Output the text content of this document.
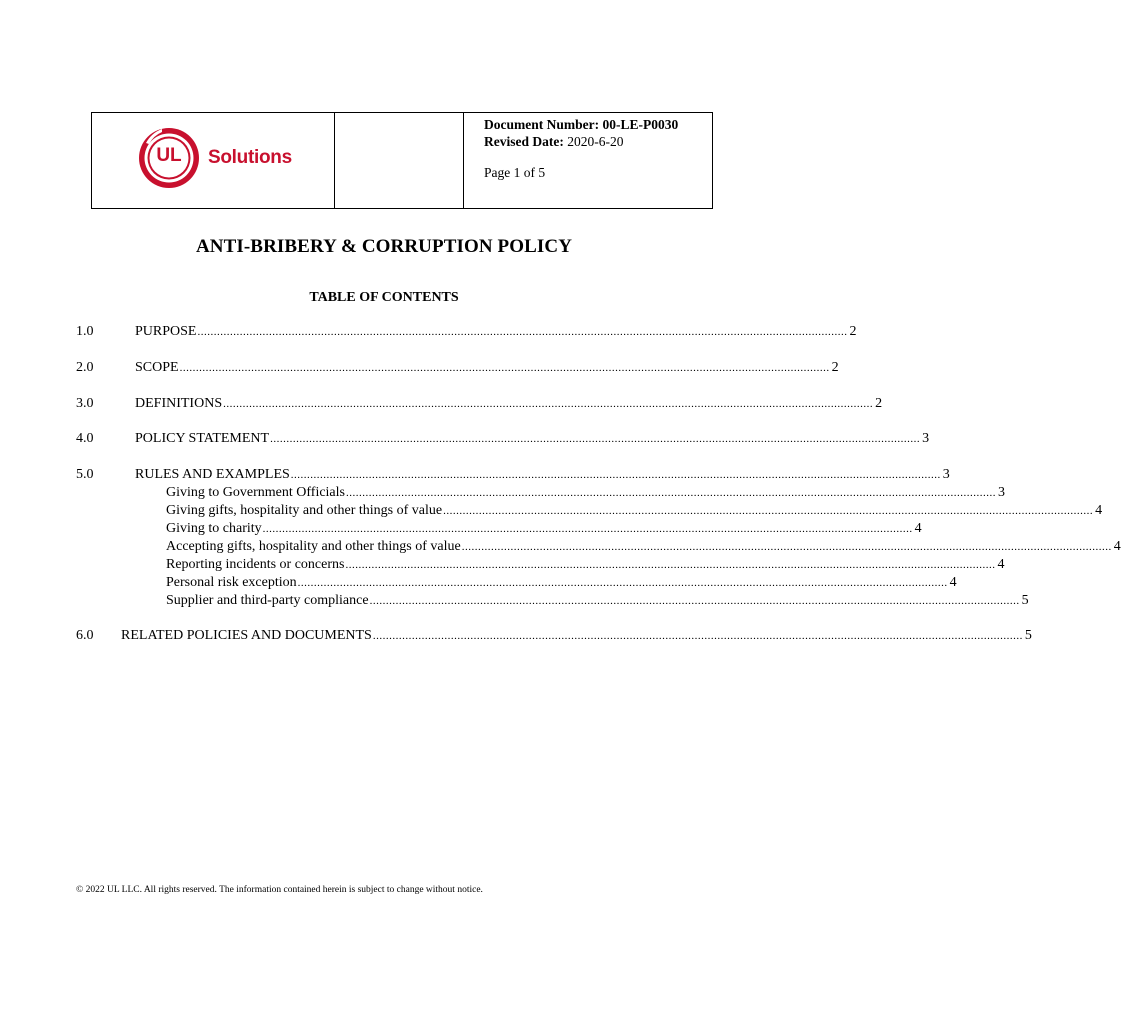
UL Solutions
Document Number: 00-LE-P0030
Revised Date: 2020-6-20
Page 1 of 5
ANTI-BRIBERY & CORRUPTION POLICY
TABLE OF CONTENTS
1.0	PURPOSE ........................................................................................................................................................................................................ 2
2.0	SCOPE ........................................................................................................................................................................................................ 2
3.0	DEFINITIONS ........................................................................................................................................................................................................ 2
4.0	POLICY STATEMENT ........................................................................................................................................................................................................ 3
5.0	RULES AND EXAMPLES ........................................................................................................................................................................................................ 3
Giving to Government Officials ........................................................................................................................................................................................................ 3
Giving gifts, hospitality and other things of value ........................................................................................................................................................................................................ 4
Giving to charity ........................................................................................................................................................................................................ 4
Accepting gifts, hospitality and other things of value ........................................................................................................................................................................................................ 4
Reporting incidents or concerns ........................................................................................................................................................................................................ 4
Personal risk exception ........................................................................................................................................................................................................ 4
Supplier and third-party compliance ........................................................................................................................................................................................................ 5
6.0 RELATED POLICIES AND DOCUMENTS ........................................................................................................................................................................................................ 5
© 2022 UL LLC. All rights reserved. The information contained herein is subject to change without notice.
